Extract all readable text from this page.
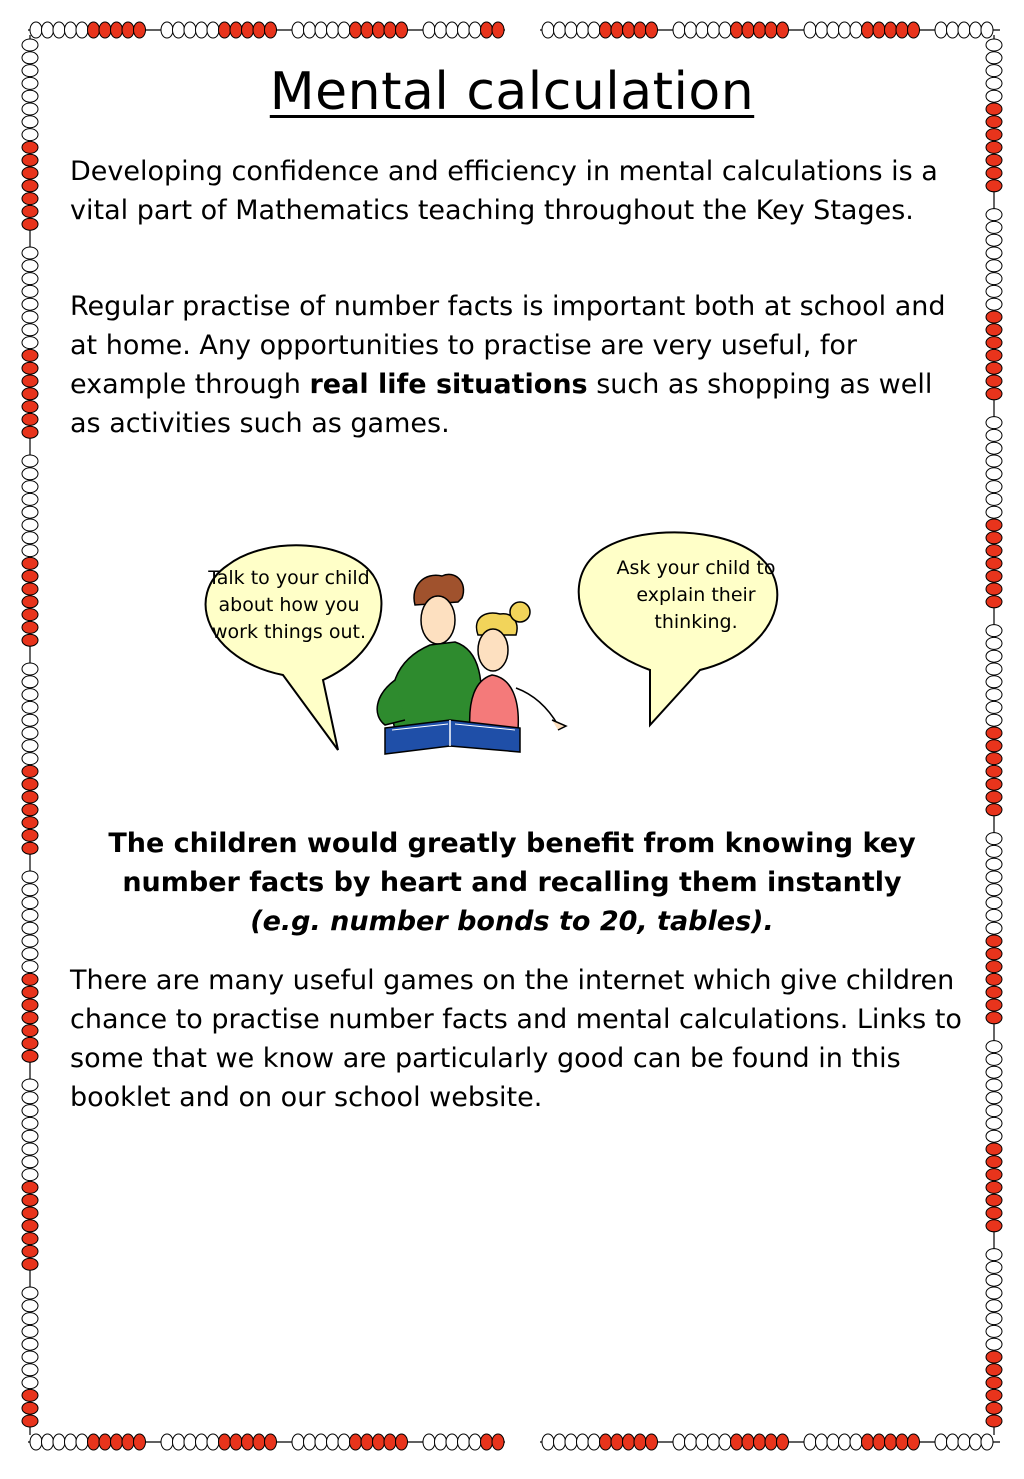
Mental calculation

Developing confidence and efficiency in mental calculations is a vital part of Mathematics teaching throughout the Key Stages.

Regular practise of number facts is important both at school and at home. Any opportunities to practise are very useful, for example through real life situations such as shopping as well as activities such as games.

Talk to your child about how you work things out.
Ask your child to explain their thinking.

The children would greatly benefit from knowing key number facts by heart and recalling them instantly
(e.g. number bonds to 20, tables).

There are many useful games on the internet which give children chance to practise number facts and mental calculations. Links to some that we know are particularly good can be found in this booklet and on our school website.
